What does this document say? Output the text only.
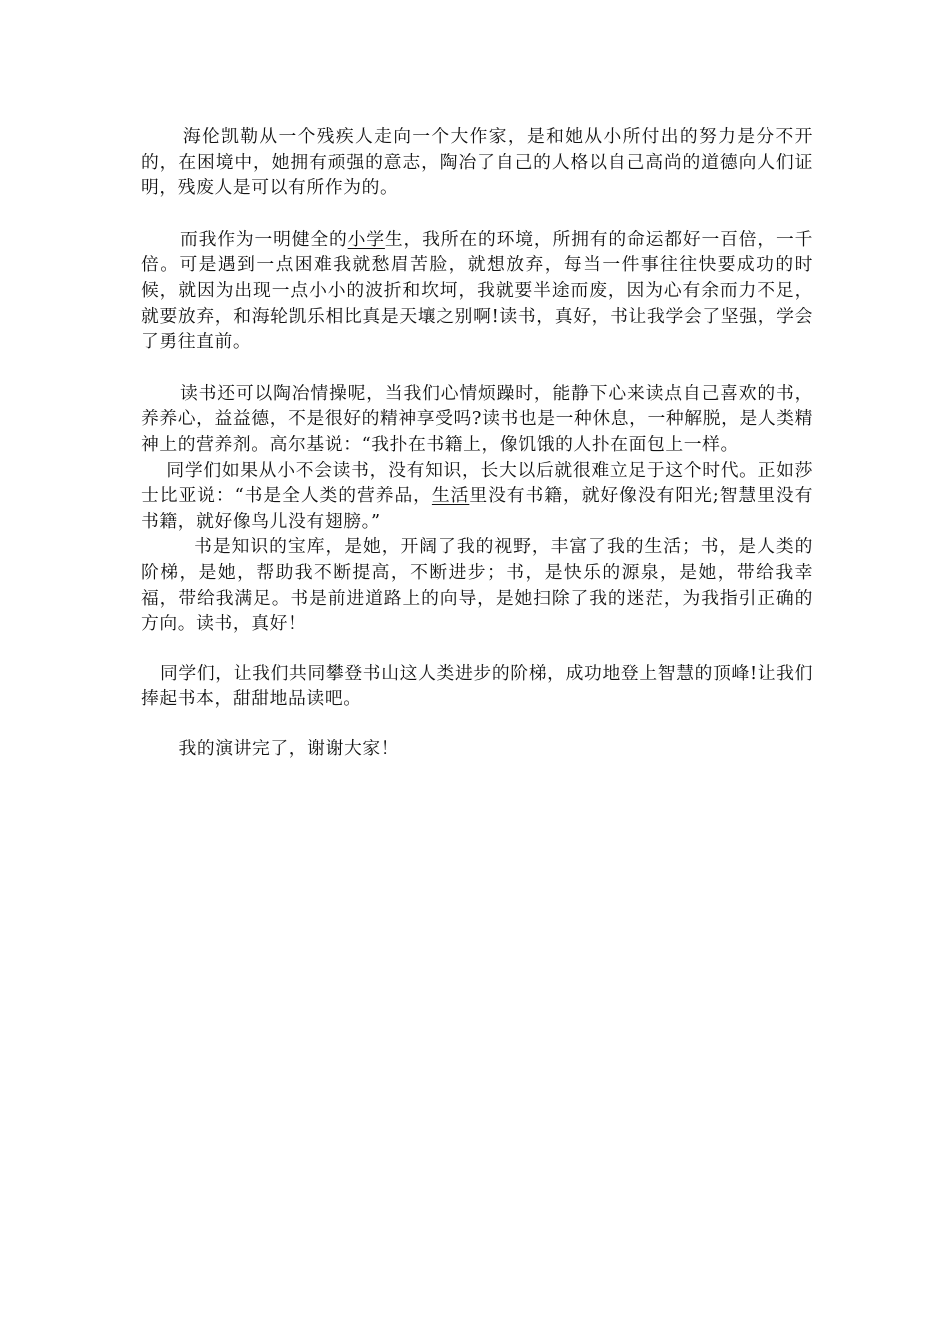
海伦凯勒从一个残疾人走向一个大作家，是和她从小所付出的努力是分不开的，在困境中，她拥有顽强的意志，陶冶了自己的人格以自己高尚的道德向人们证明，残废人是可以有所作为的。

而我作为一明健全的小学生，我所在的环境，所拥有的命运都好一百倍，一千倍。可是遇到一点困难我就愁眉苦脸，就想放弃，每当一件事往往快要成功的时候，就因为出现一点小小的波折和坎坷，我就要半途而废，因为心有余而力不足，就要放弃，和海轮凯乐相比真是天壤之别啊!读书，真好，书让我学会了坚强，学会了勇往直前。

读书还可以陶冶情操呢，当我们心情烦躁时，能静下心来读点自己喜欢的书，养养心，益益德，不是很好的精神享受吗?读书也是一种休息，一种解脱，是人类精神上的营养剂。高尔基说：“我扑在书籍上，像饥饿的人扑在面包上一样。

同学们如果从小不会读书，没有知识，长大以后就很难立足于这个时代。正如莎士比亚说：“书是全人类的营养品，生活里没有书籍，就好像没有阳光;智慧里没有书籍，就好像鸟儿没有翅膀。”

书是知识的宝库，是她，开阔了我的视野，丰富了我的生活；书，是人类的阶梯，是她，帮助我不断提高，不断进步；书，是快乐的源泉，是她，带给我幸福，带给我满足。书是前进道路上的向导，是她扫除了我的迷茫，为我指引正确的方向。读书，真好！

同学们，让我们共同攀登书山这人类进步的阶梯，成功地登上智慧的顶峰!让我们捧起书本，甜甜地品读吧。

我的演讲完了，谢谢大家！
